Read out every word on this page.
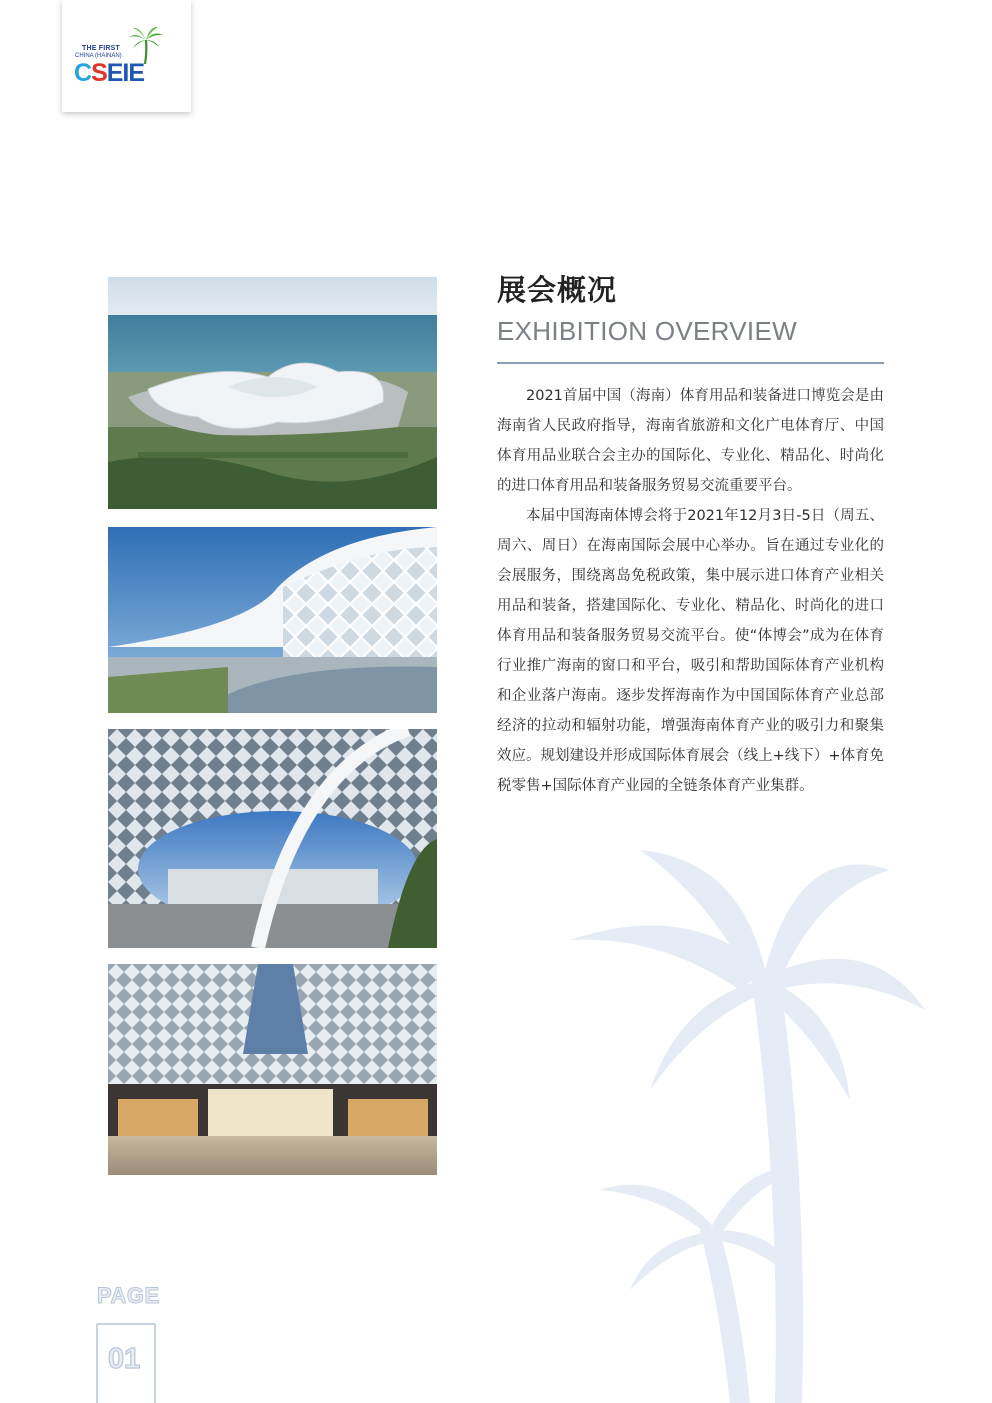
THE FIRST
CHINA (HAINAN)
CSEIE
展会概况
EXHIBITION OVERVIEW

2021首届中国（海南）体育用品和装备进口博览会是由海南省人民政府指导，海南省旅游和文化广电体育厅、中国体育用品业联合会主办的国际化、专业化、精品化、时尚化的进口体育用品和装备服务贸易交流重要平台。

本届中国海南体博会将于2021年12月3日-5日（周五、周六、周日）在海南国际会展中心举办。旨在通过专业化的会展服务，围绕离岛免税政策，集中展示进口体育产业相关用品和装备，搭建国际化、专业化、精品化、时尚化的进口体育用品和装备服务贸易交流平台。使“体博会”成为在体育行业推广海南的窗口和平台，吸引和帮助国际体育产业机构和企业落户海南。逐步发挥海南作为中国国际体育产业总部经济的拉动和辐射功能，增强海南体育产业的吸引力和聚集效应。规划建设并形成国际体育展会（线上+线下）+体育免税零售+国际体育产业园的全链条体育产业集群。

PAGE
01
